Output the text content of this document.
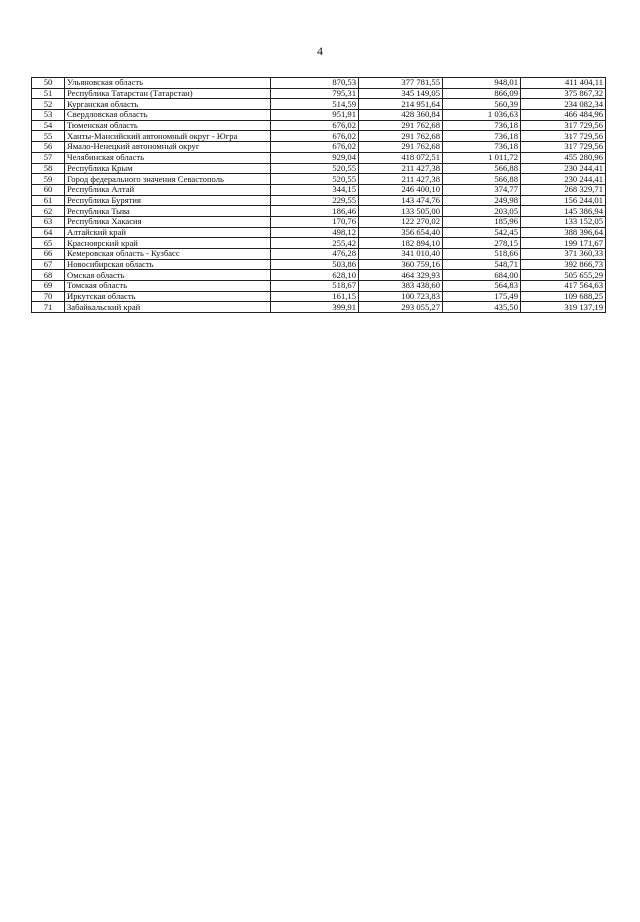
4
50	Ульяновская область	870,53	377 781,55	948,01	411 404,11
51	Республика Татарстан (Татарстан)	795,31	345 149,05	866,09	375 867,32
52	Курганская область	514,59	214 951,64	560,39	234 082,34
53	Свердловская область	951,91	428 360,84	1 036,63	466 484,96
54	Тюменская область	676,02	291 762,68	736,18	317 729,56
55	Ханты-Мансийский автономный округ - Югра	676,02	291 762,68	736,18	317 729,56
56	Ямало-Ненецкий автономный округ	676,02	291 762,68	736,18	317 729,56
57	Челябинская область	929,04	418 072,51	1 011,72	455 280,96
58	Республика Крым	520,55	211 427,38	566,88	230 244,41
59	Город федерального значения Севастополь	520,55	211 427,38	566,88	230 244,41
60	Республика Алтай	344,15	246 400,10	374,77	268 329,71
61	Республика Бурятия	229,55	143 474,76	249,98	156 244,01
62	Республика Тыва	186,46	133 505,00	203,05	145 386,94
63	Республика Хакасия	170,76	122 270,02	185,96	133 152,05
64	Алтайский край	498,12	356 654,40	542,45	388 396,64
65	Красноярский край	255,42	182 894,10	278,15	199 171,67
66	Кемеровская область - Кузбасс	476,28	341 010,40	518,66	371 360,33
67	Новосибирская область	503,86	360 759,16	548,71	392 866,73
68	Омская область	628,10	464 329,93	684,00	505 655,29
69	Томская область	518,67	383 438,60	564,83	417 564,63
70	Иркутская область	161,15	100 723,83	175,49	109 688,25
71	Забайкальский край	399,91	293 055,27	435,50	319 137,19
